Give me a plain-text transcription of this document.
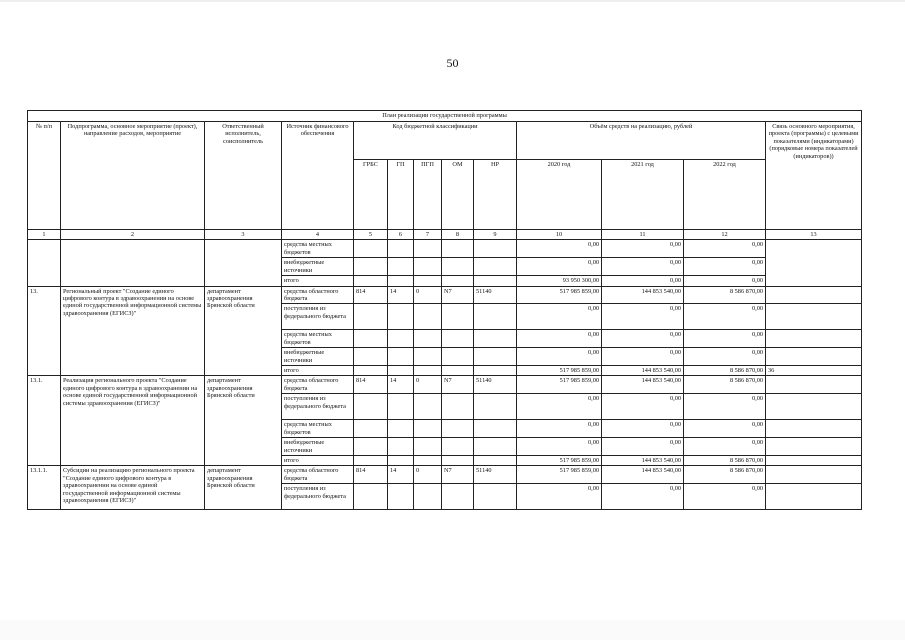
50
План реализации государственной программы												
№ п/п	Подпрограмма, основное мероприятие (проект), направление расходов, мероприятие	Ответственный исполнитель, соисполнитель	Источник финансового обеспечения	Код бюджетной классификации					Объём средств на реализацию, рублей			Связь основного мероприятия, проекта (программы) с целевыми показателями (индикаторами) (порядковые номера показателей (индикаторов))
				ГРБС	ГП	ПГП	ОМ	НР	2020 год	2021 год	2022 год	
1	2	3	4	5	6	7	8	9	10	11	12	13
			средства местных бюджетов						0,00	0,00	0,00	
			внебюджетные источники						0,00	0,00	0,00	
			итого						93 950 300,00	0,00	0,00	
13.	Региональный проект "Создание единого цифрового контура в здравоохранении на основе единой государственной информационной системы здравоохранения (ЕГИСЗ)"	департамент здравоохранения Брянской области	средства областного бюджета	814	14	0	N7	51140	517 985 859,00	144 853 540,00	8 586 870,00	
			поступления из федерального бюджета						0,00	0,00	0,00	
			средства местных бюджетов						0,00	0,00	0,00	
			внебюджетные источники						0,00	0,00	0,00	
			итого						517 985 859,00	144 853 540,00	8 586 870,00	36
13.1.	Реализация регионального проекта "Создание единого цифрового контура в здравоохранении на основе единой государственной информационной системы здравоохранения (ЕГИСЗ)"	департамент здравоохранения Брянской области	средства областного бюджета	814	14	0	N7	51140	517 985 859,00	144 853 540,00	8 586 870,00	
			поступления из федерального бюджета						0,00	0,00	0,00	
			средства местных бюджетов						0,00	0,00	0,00	
			внебюджетные источники						0,00	0,00	0,00	
			итого						517 985 859,00	144 853 540,00	8 586 870,00	
13.1.1.	Субсидии на реализацию регионального проекта "Создание единого цифрового контура в здравоохранении на основе единой государственной информационной системы здравоохранения (ЕГИСЗ)"	департамент здравоохранения Брянской области	средства областного бюджета	814	14	0	N7	51140	517 985 859,00	144 853 540,00	8 586 870,00	
			поступления из федерального бюджета						0,00	0,00	0,00	
